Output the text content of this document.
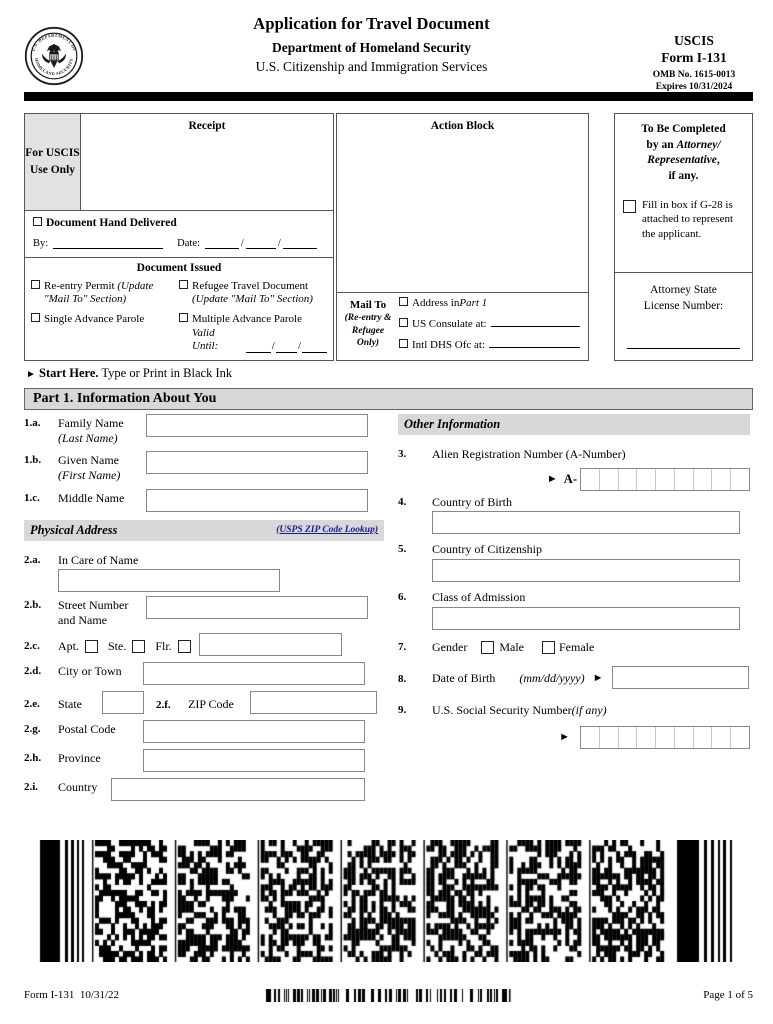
U.S. DEPARTMENT OF
HOMELAND SECURITY
Application for Travel Document
Department of Homeland Security
U.S. Citizenship and Immigration Services
USCIS
Form I-131
OMB No. 1615-0013
Expires 10/31/2024
For USCIS Use Only
Receipt
Document Hand Delivered
By:	Date:	/	/
Document Issued
Re-entry Permit (Update
"Mail To" Section)
Single Advance Parole
Refugee Travel Document
(Update "Mail To" Section)
Multiple Advance Parole
Valid Until:	/ /
Action Block
Mail To
(Re-entry &
Refugee
Only)
Address in Part 1
US Consulate at:
Intl DHS Ofc at:
To Be Completed
by an Attorney/
Representative,
if any.
Fill in box if G-28 is attached to represent the applicant.
Attorney State
License Number:
► Start Here. Type or Print in Black Ink
Part 1. Information About You
1.a.	Family Name
(Last Name)
1.b.	Given Name
(First Name)
1.c.	Middle Name
Physical Address	(USPS ZIP Code Lookup)
2.a.	In Care of Name
2.b.	Street Number and Name
2.c.	Apt. Ste. Flr.
2.d.	City or Town
2.e.	State	2.f.	ZIP Code
2.g.	Postal Code
2.h.	Province
2.i.	Country
Other Information
3.	Alien Registration Number (A-Number)
► A-
4.	Country of Birth
5.	Country of Citizenship
6.	Class of Admission
7.	Gender	Male	Female
8.	Date of Birth (mm/dd/yyyy) ►
9.	U.S. Social Security Number (if any)
►
Form I-131 10/31/22	Page 1 of 5
